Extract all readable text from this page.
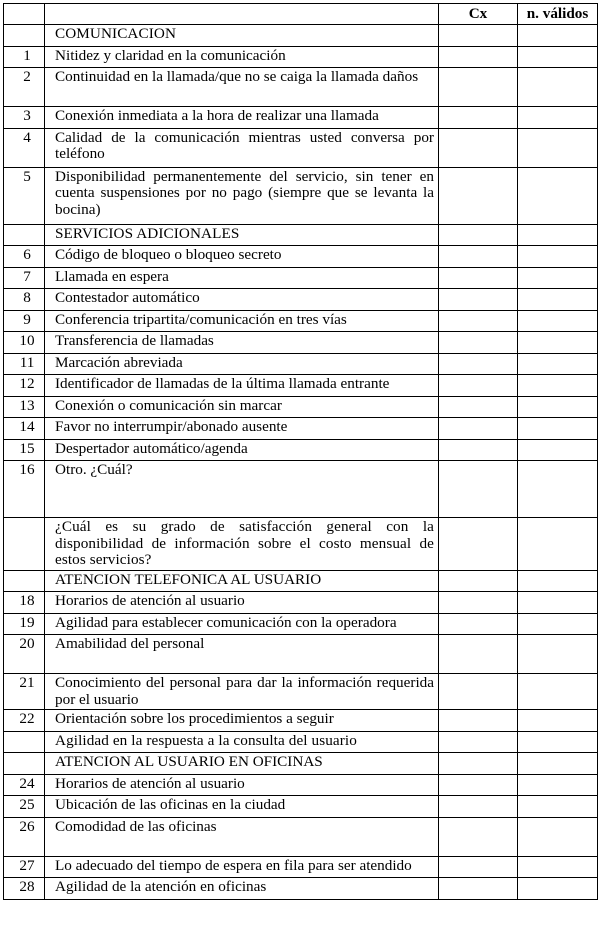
		Cx	n. válidos
	COMUNICACION		
1	Nitidez y claridad en la comunicación		
2	Continuidad en la llamada/que no se caiga la llamada daños		
3	Conexión inmediata a la hora de realizar una llamada		
4	Calidad de la comunicación mientras usted conversa por teléfono		
5	Disponibilidad permanentemente del servicio, sin tener en cuenta suspensiones por no pago (siempre que se levanta la bocina)		
	SERVICIOS ADICIONALES		
6	Código de bloqueo o bloqueo secreto		
7	Llamada en espera		
8	Contestador automático		
9	Conferencia tripartita/comunicación en tres vías		
10	Transferencia de llamadas		
11	Marcación abreviada		
12	Identificador de llamadas de la última llamada entrante		
13	Conexión o comunicación sin marcar		
14	Favor no interrumpir/abonado ausente		
15	Despertador automático/agenda		
16	Otro. ¿Cuál?		
	¿Cuál es su grado de satisfacción general con la disponibilidad de información sobre el costo mensual de estos servicios?		
	ATENCION TELEFONICA AL USUARIO		
18	Horarios de atención al usuario		
19	Agilidad para establecer comunicación con la operadora		
20	Amabilidad del personal		
21	Conocimiento del personal para dar la información requerida por el usuario		
22	Orientación sobre los procedimientos a seguir		
	Agilidad en la respuesta a la consulta del usuario		
	ATENCION AL USUARIO EN OFICINAS		
24	Horarios de atención al usuario		
25	Ubicación de las oficinas en la ciudad		
26	Comodidad de las oficinas		
27	Lo adecuado del tiempo de espera en fila para ser atendido		
28	Agilidad de la atención en oficinas		
